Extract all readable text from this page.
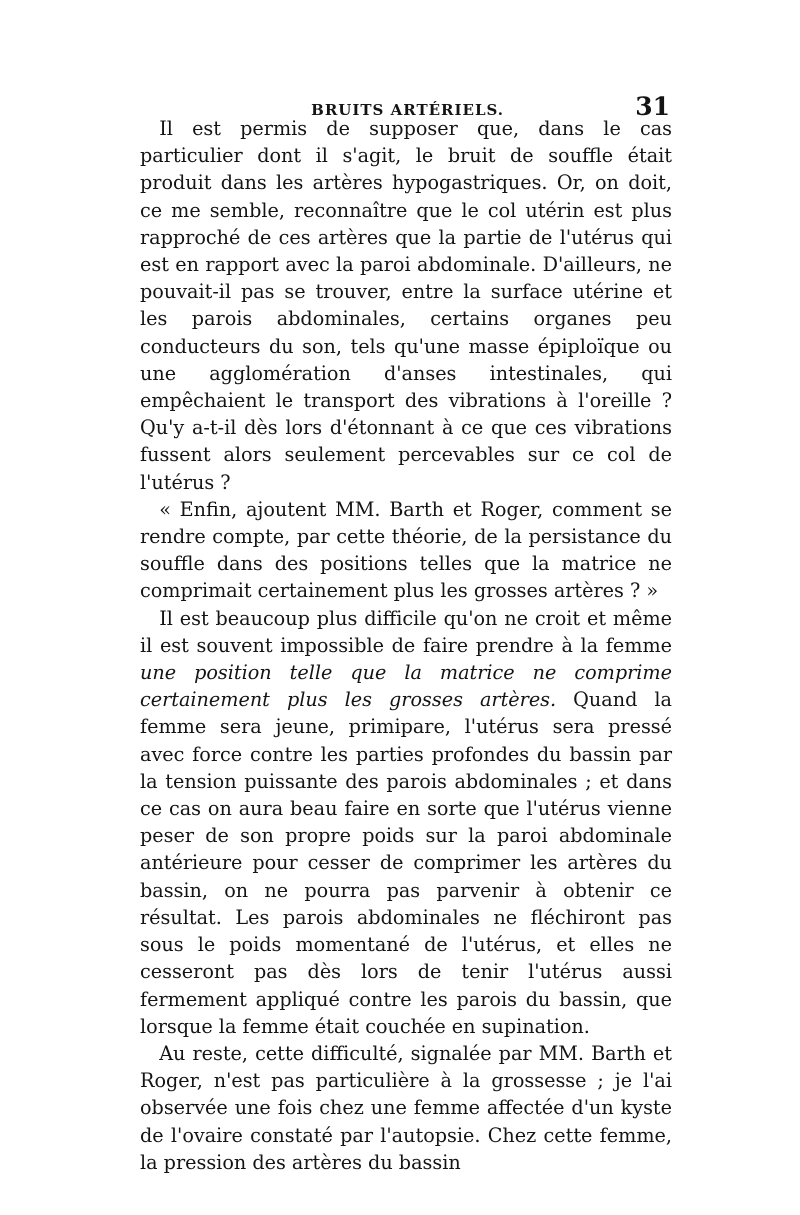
BRUITS ARTÉRIELS.	31

Il est permis de supposer que, dans le cas particulier dont il s'agit, le bruit de souffle était produit dans les artères hypogastriques. Or, on doit, ce me semble, reconnaître que le col utérin est plus rapproché de ces artères que la partie de l'utérus qui est en rapport avec la paroi abdominale. D'ailleurs, ne pouvait-il pas se trouver, entre la surface utérine et les parois abdominales, certains organes peu conducteurs du son, tels qu'une masse épiploïque ou une agglomération d'anses intestinales, qui empêchaient le transport des vibrations à l'oreille ? Qu'y a-t-il dès lors d'étonnant à ce que ces vibrations fussent alors seulement percevables sur ce col de l'utérus ?

« Enfin, ajoutent MM. Barth et Roger, comment se rendre compte, par cette théorie, de la persistance du souffle dans des positions telles que la matrice ne comprimait certainement plus les grosses artères ? »

Il est beaucoup plus difficile qu'on ne croit et même il est souvent impossible de faire prendre à la femme une position telle que la matrice ne comprime certainement plus les grosses artères. Quand la femme sera jeune, primipare, l'utérus sera pressé avec force contre les parties profondes du bassin par la tension puissante des parois abdominales ; et dans ce cas on aura beau faire en sorte que l'utérus vienne peser de son propre poids sur la paroi abdominale antérieure pour cesser de comprimer les artères du bassin, on ne pourra pas parvenir à obtenir ce résultat. Les parois abdominales ne fléchiront pas sous le poids momentané de l'utérus, et elles ne cesseront pas dès lors de tenir l'utérus aussi fermement appliqué contre les parois du bassin, que lorsque la femme était couchée en supination.

Au reste, cette difficulté, signalée par MM. Barth et Roger, n'est pas particulière à la grossesse ; je l'ai observée une fois chez une femme affectée d'un kyste de l'ovaire constaté par l'autopsie. Chez cette femme, la pression des artères du bassin
